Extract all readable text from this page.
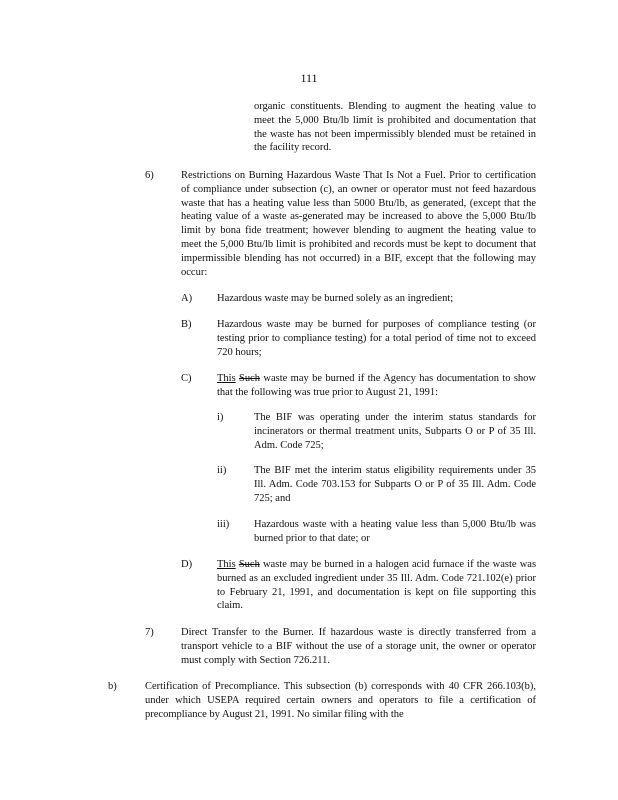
111

organic constituents. Blending to augment the heating value to meet the 5,000 Btu/lb limit is prohibited and documentation that the waste has not been impermissibly blended must be retained in the facility record.

6)	Restrictions on Burning Hazardous Waste That Is Not a Fuel. Prior to certification of compliance under subsection (c), an owner or operator must not feed hazardous waste that has a heating value less than 5000 Btu/lb, as generated, (except that the heating value of a waste as-generated may be increased to above the 5,000 Btu/lb limit by bona fide treatment; however blending to augment the heating value to meet the 5,000 Btu/lb limit is prohibited and records must be kept to document that impermissible blending has not occurred) in a BIF, except that the following may occur:

A) Hazardous waste may be burned solely as an ingredient;

B) Hazardous waste may be burned for purposes of compliance testing (or testing prior to compliance testing) for a total period of time not to exceed 720 hours;

C) This Such waste may be burned if the Agency has documentation to show that the following was true prior to August 21, 1991:

i)	The BIF was operating under the interim status standards for incinerators or thermal treatment units, Subparts O or P of 35 Ill. Adm. Code 725;

ii)	The BIF met the interim status eligibility requirements under 35 Ill. Adm. Code 703.153 for Subparts O or P of 35 Ill. Adm. Code 725; and

iii) Hazardous waste with a heating value less than 5,000 Btu/lb was burned prior to that date; or

D) This Such waste may be burned in a halogen acid furnace if the waste was burned as an excluded ingredient under 35 Ill. Adm. Code 721.102(e) prior to February 21, 1991, and documentation is kept on file supporting this claim.

7)	Direct Transfer to the Burner. If hazardous waste is directly transferred from a transport vehicle to a BIF without the use of a storage unit, the owner or operator must comply with Section 726.211.

b)	Certification of Precompliance. This subsection (b) corresponds with 40 CFR 266.103(b), under which USEPA required certain owners and operators to file a certification of precompliance by August 21, 1991. No similar filing with the
